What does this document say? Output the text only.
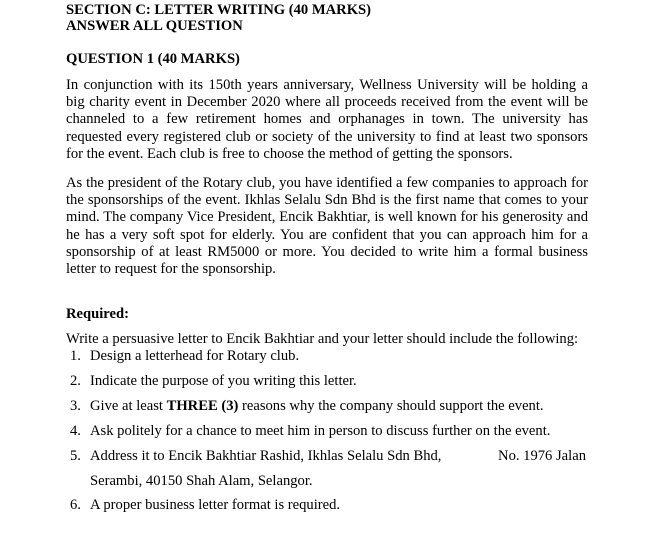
SECTION C: LETTER WRITING (40 MARKS)
ANSWER ALL QUESTION
QUESTION 1 (40 MARKS)

In conjunction with its 150th years anniversary, Wellness University will be holding a big charity event in December 2020 where all proceeds received from the event will be channeled to a few retirement homes and orphanages in town. The university has requested every registered club or society of the university to find at least two sponsors for the event. Each club is free to choose the method of getting the sponsors.

As the president of the Rotary club, you have identified a few companies to approach for the sponsorships of the event. Ikhlas Selalu Sdn Bhd is the first name that comes to your mind. The company Vice President, Encik Bakhtiar, is well known for his generosity and he has a very soft spot for elderly. You are confident that you can approach him for a sponsorship of at least RM5000 or more. You decided to write him a formal business letter to request for the sponsorship.

Required:
Write a persuasive letter to Encik Bakhtiar and your letter should include the following:
1. Design a letterhead for Rotary club.
2. Indicate the purpose of you writing this letter.
3. Give at least THREE (3) reasons why the company should support the event.
4. Ask politely for a chance to meet him in person to discuss further on the event.
5. Address it to Encik Bakhtiar Rashid, Ikhlas Selalu Sdn Bhd,	No. 1976 Jalan
Serambi, 40150 Shah Alam, Selangor.
6. A proper business letter format is required.
